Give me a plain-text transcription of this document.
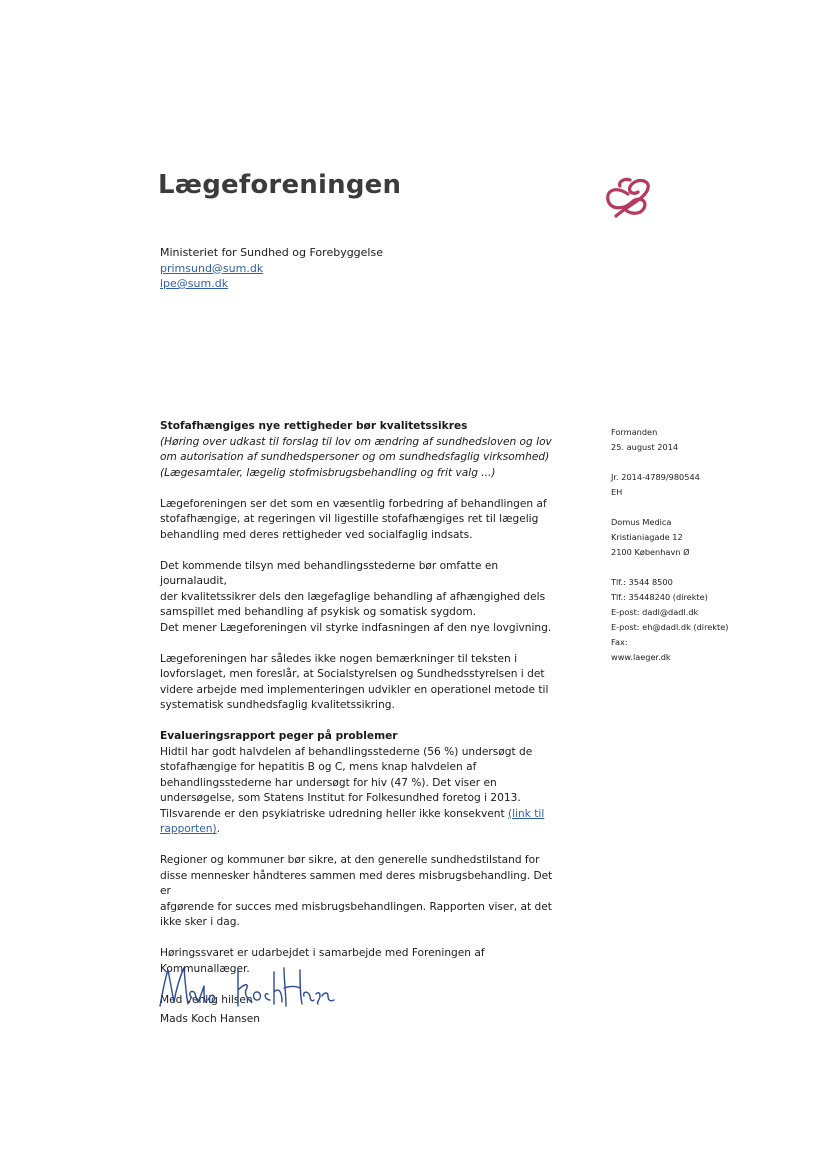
Lægeforeningen
Ministeriet for Sundhed og Forebyggelse
primsund@sum.dk
lpe@sum.dk

Stofafhængiges nye rettigheder bør kvalitetssikres

(Høring over udkast til forslag til lov om ændring af sundhedsloven og lov

om autorisation af sundhedspersoner og om sundhedsfaglig virksomhed)

(Lægesamtaler, lægelig stofmisbrugsbehandling og frit valg ...)

Lægeforeningen ser det som en væsentlig forbedring af behandlingen af

stofafhængige, at regeringen vil ligestille stofafhængiges ret til lægelig

behandling med deres rettigheder ved socialfaglig indsats.

Det kommende tilsyn med behandlingsstederne bør omfatte en journalaudit,

der kvalitetssikrer dels den lægefaglige behandling af afhængighed dels

samspillet med behandling af psykisk og somatisk sygdom.

Det mener Lægeforeningen vil styrke indfasningen af den nye lovgivning.

Lægeforeningen har således ikke nogen bemærkninger til teksten i

lovforslaget, men foreslår, at Socialstyrelsen og Sundhedsstyrelsen i det

videre arbejde med implementeringen udvikler en operationel metode til

systematisk sundhedsfaglig kvalitetssikring.

Evalueringsrapport peger på problemer

Hidtil har godt halvdelen af behandlingsstederne (56 %) undersøgt de

stofafhængige for hepatitis B og C, mens knap halvdelen af

behandlingsstederne har undersøgt for hiv (47 %). Det viser en

undersøgelse, som Statens Institut for Folkesundhed foretog i 2013.

Tilsvarende er den psykiatriske udredning heller ikke konsekvent (link til

rapporten).

Regioner og kommuner bør sikre, at den generelle sundhedstilstand for

disse mennesker håndteres sammen med deres misbrugsbehandling. Det er

afgørende for succes med misbrugsbehandlingen. Rapporten viser, at det

ikke sker i dag.

Høringssvaret er udarbejdet i samarbejde med Foreningen af

Kommunallæger.

Med venlig hilsen

Mads Koch Hansen

Formanden

25. august 2014

Jr. 2014-4789/980544

EH

Domus Medica

Kristianiagade 12

2100 København Ø

Tlf.: 3544 8500

Tlf.: 35448240 (direkte)

E-post: dadl@dadl.dk

E-post: eh@dadl.dk (direkte)

Fax:

www.laeger.dk
